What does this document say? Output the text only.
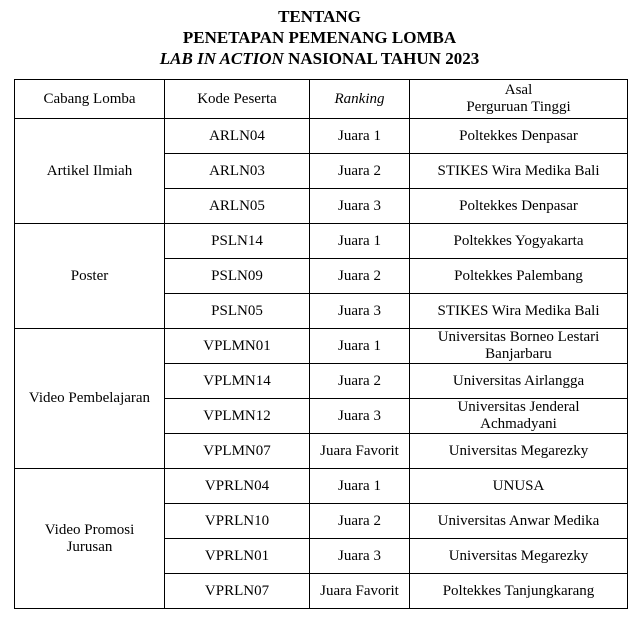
TENTANG
PENETAPAN PEMENANG LOMBA
LAB IN ACTION NASIONAL TAHUN 2023
Cabang Lomba	Kode Peserta	Ranking	Asal
Perguruan Tinggi
Artikel Ilmiah	ARLN04	Juara 1	Poltekkes Denpasar
	ARLN03	Juara 2	STIKES Wira Medika Bali
	ARLN05	Juara 3	Poltekkes Denpasar
Poster	PSLN14	Juara 1	Poltekkes Yogyakarta
	PSLN09	Juara 2	Poltekkes Palembang
	PSLN05	Juara 3	STIKES Wira Medika Bali
Video Pembelajaran	VPLMN01	Juara 1	Universitas Borneo Lestari Banjarbaru
	VPLMN14	Juara 2	Universitas Airlangga
	VPLMN12	Juara 3	Universitas Jenderal Achmadyani
	VPLMN07	Juara Favorit	Universitas Megarezky
Video Promosi Jurusan	VPRLN04	Juara 1	UNUSA
	VPRLN10	Juara 2	Universitas Anwar Medika
	VPRLN01	Juara 3	Universitas Megarezky
	VPRLN07	Juara Favorit	Poltekkes Tanjungkarang
